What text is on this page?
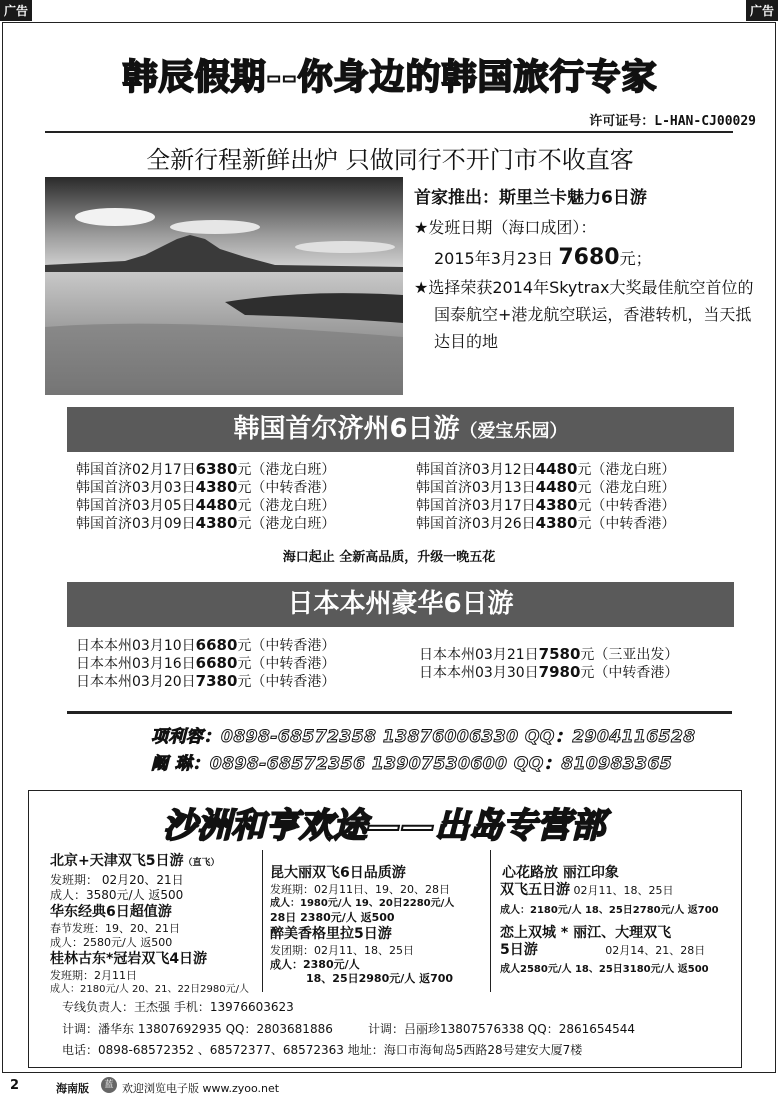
广告	广告
韩辰假期--你身边的韩国旅行专家
许可证号：L-HAN-CJ00029
全新行程新鲜出炉 只做同行不开门市不收直客
首家推出：斯里兰卡魅力6日游
★发班日期（海口成团）：
2015年3月23日 7680元；
★选择荣获2014年Skytrax大奖最佳航空首位的国泰航空+港龙航空联运，香港转机，当天抵达目的地
韩国首尔济州6日游（爱宝乐园）
韩国首济02月17日6380元（港龙白班）
韩国首济03月03日4380元（中转香港）
韩国首济03月05日4480元（港龙白班）
韩国首济03月09日4380元（港龙白班）
韩国首济03月12日4480元（港龙白班）
韩国首济03月13日4480元（港龙白班）
韩国首济03月17日4380元（中转香港）
韩国首济03月26日4380元（中转香港）
海口起止 全新高品质，升级一晚五花
日本本州豪华6日游
日本本州03月10日6680元（中转香港）
日本本州03月16日6680元（中转香港）
日本本州03月20日7380元（中转香港）
日本本州03月21日7580元（三亚出发）
日本本州03月30日7980元（中转香港）
项利容：0898-68572358 13876006330 QQ：2904116528
阚 琳：0898-68572356 13907530600 QQ：810983365
沙洲和亨欢途——出岛专营部
北京+天津双飞5日游（直飞）
发班期： 02月20、21日
成人：3580元/人 返500
华东经典6日超值游
春节发班：19、20、21日
成人：2580元/人 返500
桂林古东*冠岩双飞4日游
发班期：2月11日
成人：2180元/人 20、21、22日2980元/人
昆大丽双飞6日品质游
发班期：02月11日、19、20、28日
成人：1980元/人 19、20日2280元/人
28日 2380元/人 返500
醉美香格里拉5日游
发团期：02月11、18、25日
成人：2380元/人
18、25日2980元/人 返700
心花路放 丽江印象
双飞五日游 02月11、18、25日
成人：2180元/人 18、25日2780元/人 返700
恋上双城 * 丽江、大理双飞
5日游	02月14、21、28日
成人2580元/人 18、25日3180元/人 返500
专线负责人：王杰强 手机：13976603623
计调：潘华东 13807692935 QQ：2803681886	计调：吕丽珍13807576338 QQ：2861654544
电话：0898-68572352 、68572377、68572363 地址：海口市海甸岛5西路28号建安大厦7楼
2	海南版	蓝 欢迎浏览电子版 www.zyoo.net
